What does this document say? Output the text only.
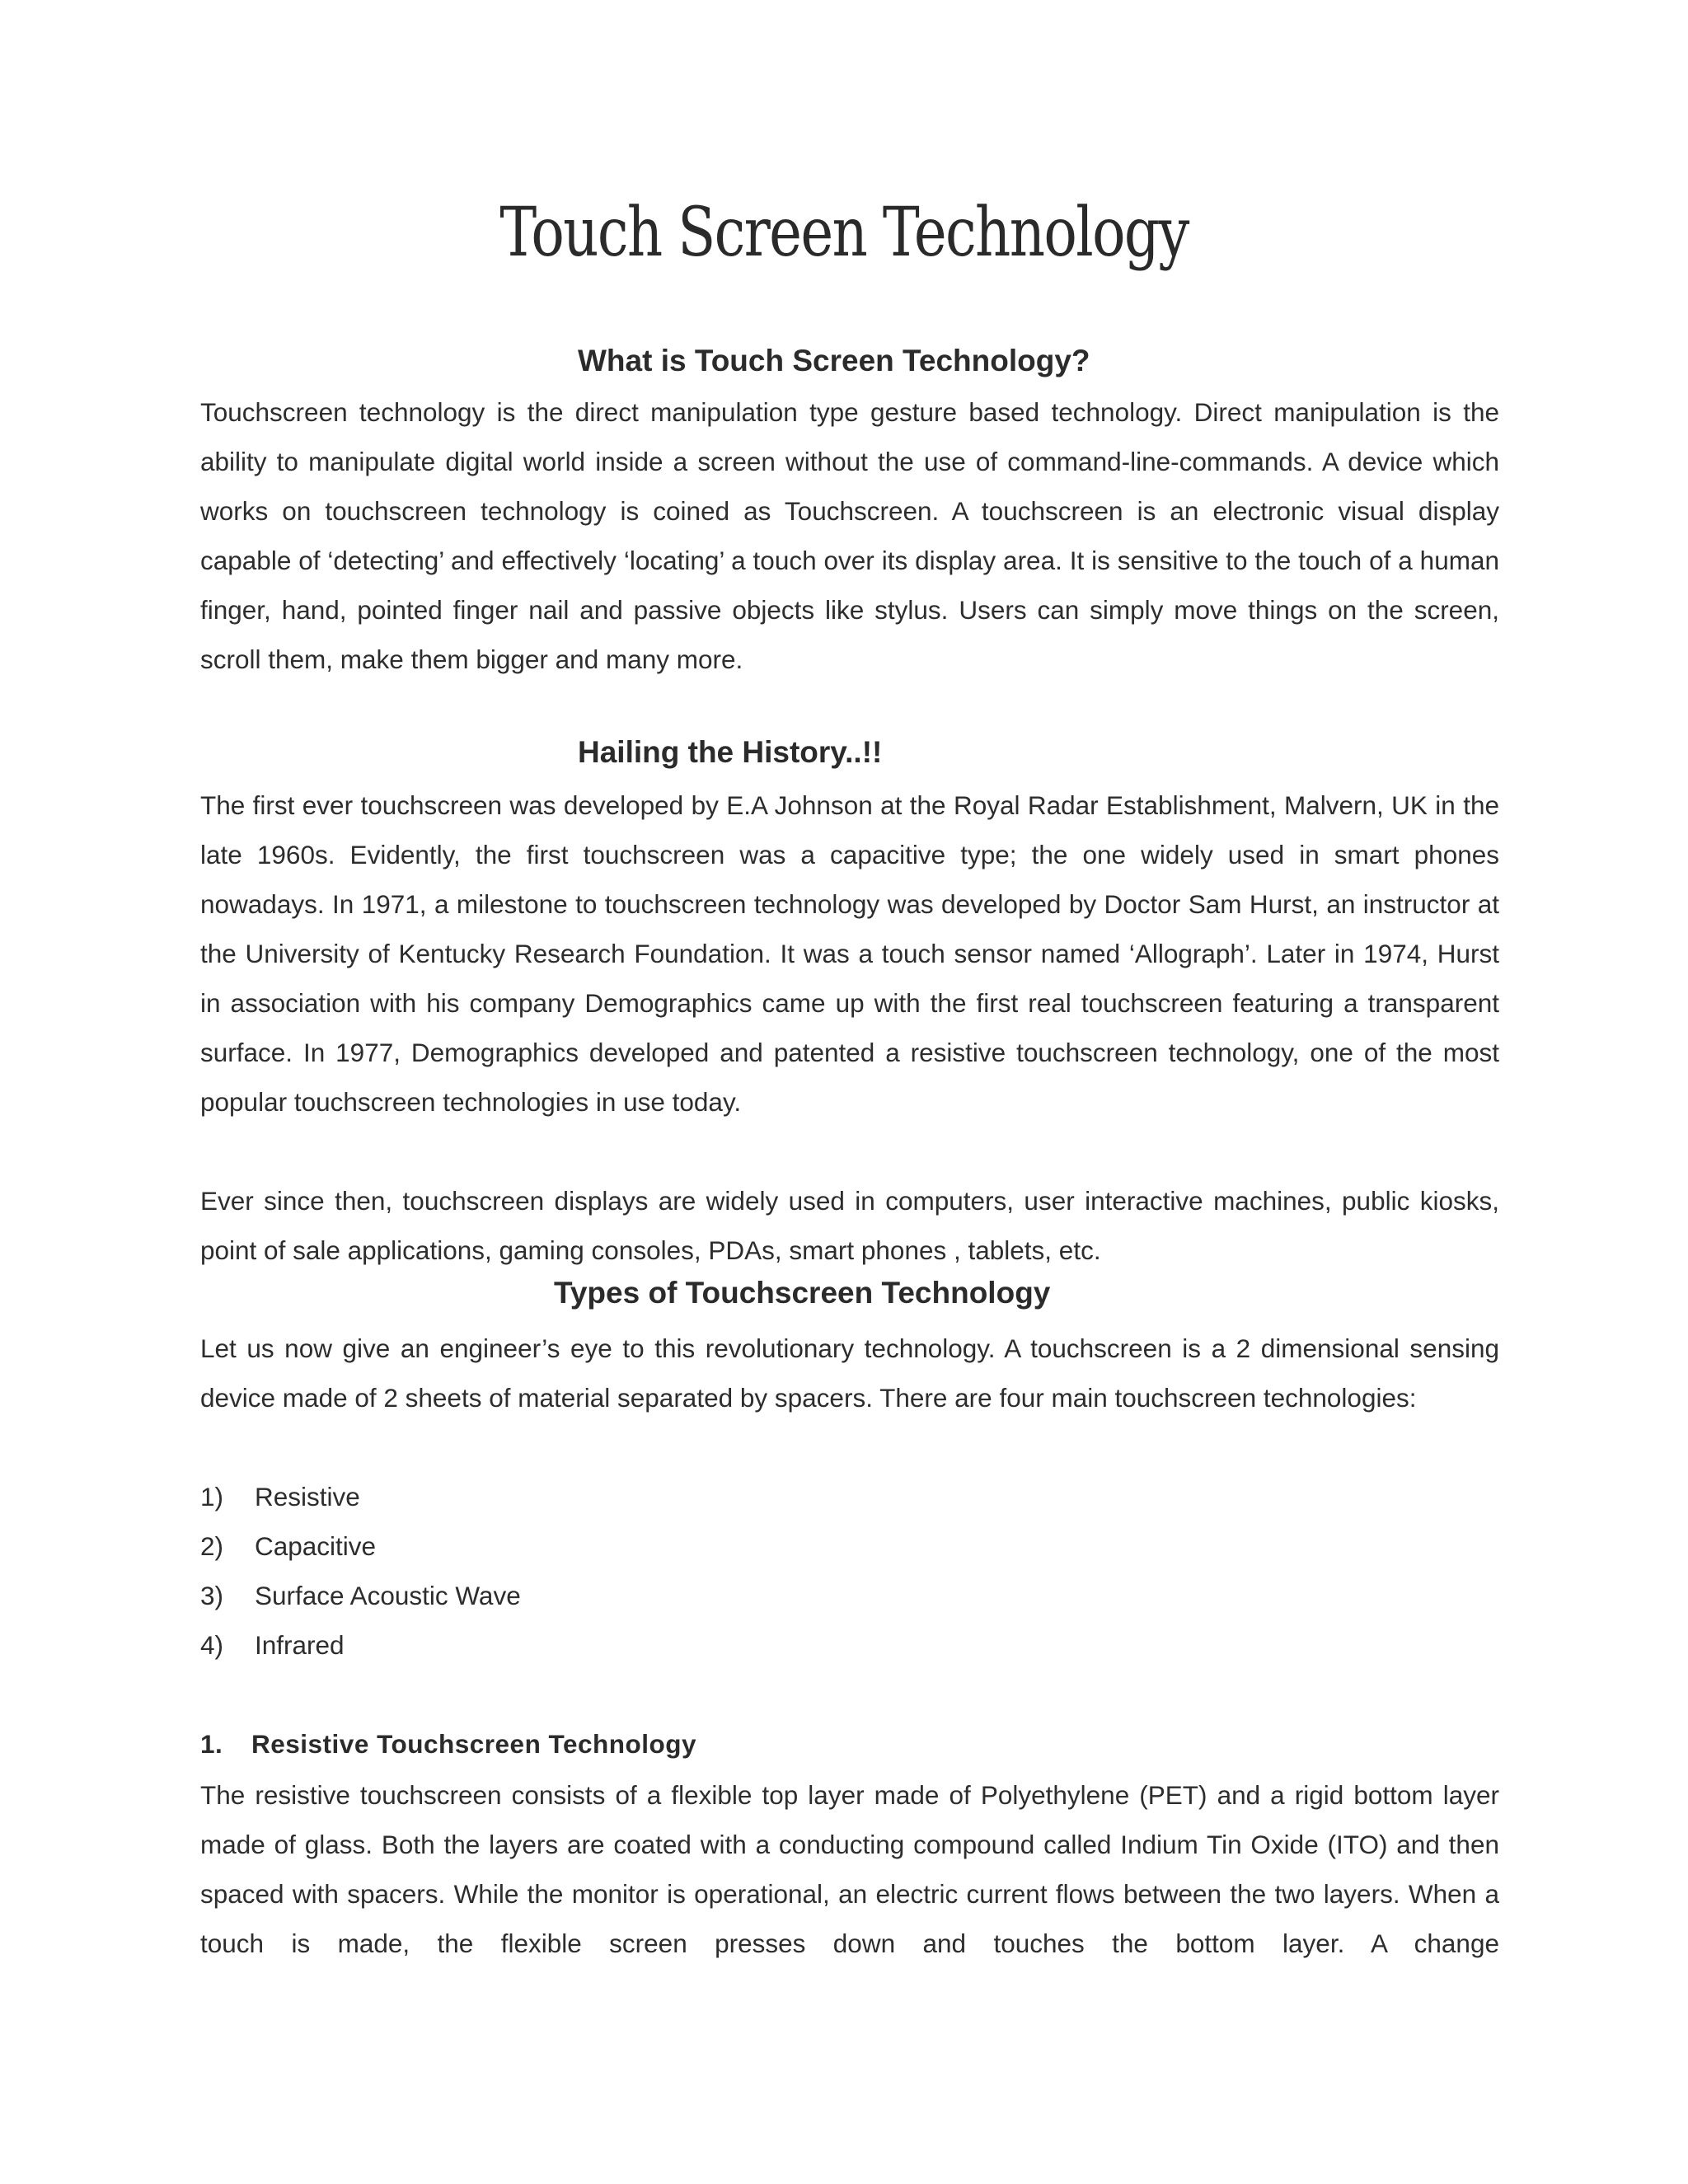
Touch Screen Technology
What is Touch Screen Technology?

Touchscreen technology is the direct manipulation type gesture based technology. Direct manipulation is the ability to manipulate digital world inside a screen without the use of command-line-commands. A device which works on touchscreen technology is coined as Touchscreen. A touchscreen is an electronic visual display capable of ‘detecting’ and effectively ‘locating’ a touch over its display area. It is sensitive to the touch of a human finger, hand, pointed finger nail and passive objects like stylus. Users can simply move things on the screen, scroll them, make them bigger and many more.

Hailing the History..!!

The first ever touchscreen was developed by E.A Johnson at the Royal Radar Establishment, Malvern, UK in the late 1960s. Evidently, the first touchscreen was a capacitive type; the one widely used in smart phones nowadays. In 1971, a milestone to touchscreen technology was developed by Doctor Sam Hurst, an instructor at the University of Kentucky Research Foundation. It was a touch sensor named ‘Allograph’. Later in 1974, Hurst in association with his company Demographics came up with the first real touchscreen featuring a transparent surface. In 1977, Demographics developed and patented a resistive touchscreen technology, one of the most popular touchscreen technologies in use today.

Ever since then, touchscreen displays are widely used in computers, user interactive machines, public kiosks, point of sale applications, gaming consoles, PDAs, smart phones , tablets, etc.

Types of Touchscreen Technology

Let us now give an engineer’s eye to this revolutionary technology. A touchscreen is a 2 dimensional sensing device made of 2 sheets of material separated by spacers. There are four main touchscreen technologies:

1)	Resistive
2)	Capacitive
3)	Surface Acoustic Wave
4)	Infrared
1. Resistive Touchscreen Technology

The resistive touchscreen consists of a flexible top layer made of Polyethylene (PET) and a rigid bottom layer made of glass. Both the layers are coated with a conducting compound called Indium Tin Oxide (ITO) and then spaced with spacers. While the monitor is operational, an electric current flows between the two layers. When a touch is made, the flexible screen presses down and touches the bottom layer. A change
